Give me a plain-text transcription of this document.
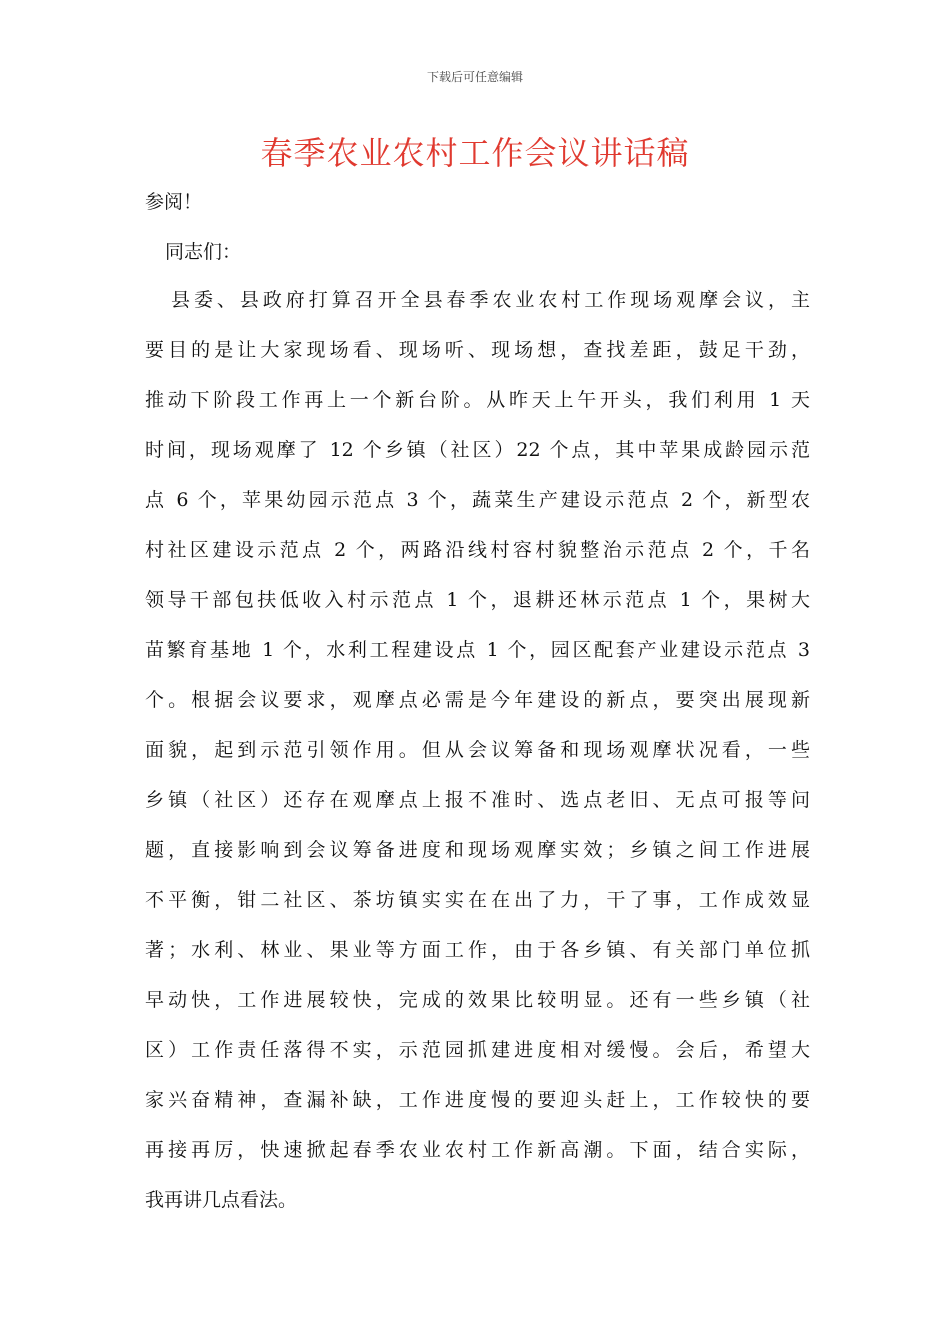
下载后可任意编辑
春季农业农村工作会议讲话稿
参阅！
同志们：
县委、县政府打算召开全县春季农业农村工作现场观摩会议，主
要目的是让大家现场看、现场听、现场想，查找差距，鼓足干劲，
推动下阶段工作再上一个新台阶。从昨天上午开头，我们利用 1 天
时间，现场观摩了 12 个乡镇（社区）22 个点，其中苹果成龄园示范
点 6 个，苹果幼园示范点 3 个，蔬菜生产建设示范点 2 个，新型农
村社区建设示范点 2 个，两路沿线村容村貌整治示范点 2 个，千名
领导干部包扶低收入村示范点 1 个，退耕还林示范点 1 个，果树大
苗繁育基地 1 个，水利工程建设点 1 个，园区配套产业建设示范点 3
个。根据会议要求，观摩点必需是今年建设的新点，要突出展现新
面貌，起到示范引领作用。但从会议筹备和现场观摩状况看，一些
乡镇（社区）还存在观摩点上报不准时、选点老旧、无点可报等问
题，直接影响到会议筹备进度和现场观摩实效；乡镇之间工作进展
不平衡，钳二社区、茶坊镇实实在在出了力，干了事，工作成效显
著；水利、林业、果业等方面工作，由于各乡镇、有关部门单位抓
早动快，工作进展较快，完成的效果比较明显。还有一些乡镇（社
区）工作责任落得不实，示范园抓建进度相对缓慢。会后，希望大
家兴奋精神，查漏补缺，工作进度慢的要迎头赶上，工作较快的要
再接再厉，快速掀起春季农业农村工作新高潮。下面，结合实际，
我再讲几点看法。
